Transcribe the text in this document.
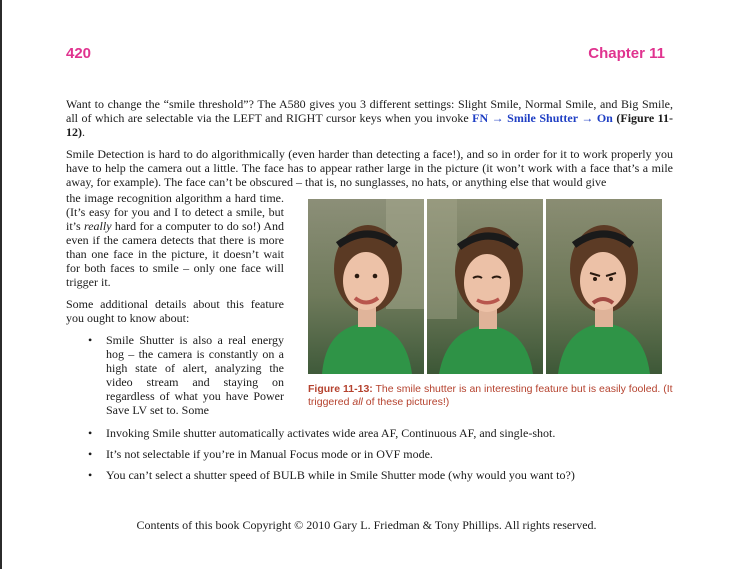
420	Chapter 11
Want to change the “smile threshold”? The A580 gives you 3 different settings: Slight Smile, Normal Smile, and Big Smile, all of which are selectable via the LEFT and RIGHT cursor keys when you invoke FN → Smile Shutter → On (Figure 11-12).
Smile Detection is hard to do algorithmically (even harder than detecting a face!), and so in order for it to work properly you have to help the camera out a little. The face has to appear rather large in the picture (it won’t work with a face that’s a mile away, for example). The face can’t be obscured – that is, no sunglasses, no hats, or anything else that would give

the image recognition algorithm a hard time. (It’s easy for you and I to detect a smile, but it’s really hard for a computer to do so!) And even if the camera detects that there is more than one face in the picture, it doesn’t wait for both faces to smile – only one face will trigger it.

Some additional details about this feature you ought to know about:

• Smile Shutter is also a real energy hog – the camera is constantly on a high state of alert, analyzing the video stream and staying on regardless of what you have Power Save LV set to. Some
Figure 11-13: The smile shutter is an interesting feature but is easily fooled. (It triggered all of these pictures!)
• Invoking Smile shutter automatically activates wide area AF, Continuous AF, and single-shot.
• It’s not selectable if you’re in Manual Focus mode or in OVF mode.
• You can’t select a shutter speed of BULB while in Smile Shutter mode (why would you want to?)
Contents of this book Copyright © 2010 Gary L. Friedman & Tony Phillips. All rights reserved.
